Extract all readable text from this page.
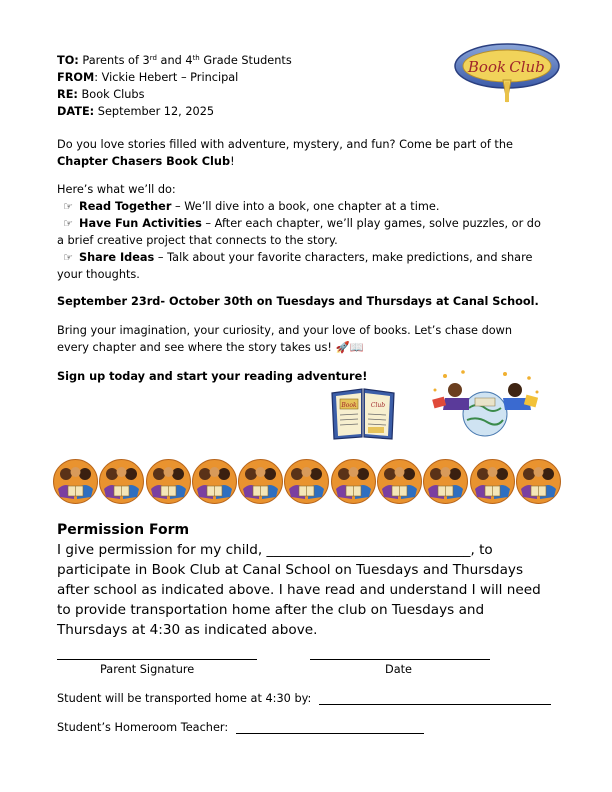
TO: Parents of 3rd and 4th Grade Students
FROM: Vickie Hebert – Principal
RE: Book Clubs
DATE: September 12, 2025
Book Club
Do you love stories filled with adventure, mystery, and fun? Come be part of the Chapter Chasers Book Club!
Here’s what we’ll do:
☞ Read Together – We’ll dive into a book, one chapter at a time.
☞ Have Fun Activities – After each chapter, we’ll play games, solve puzzles, or do a brief creative project that connects to the story.
☞ Share Ideas – Talk about your favorite characters, make predictions, and share your thoughts.
September 23rd- October 30th on Tuesdays and Thursdays at Canal School.
Bring your imagination, your curiosity, and your love of books. Let’s chase down every chapter and see where the story takes us! 🚀📖
Sign up today and start your reading adventure!
Book Club
Permission Form
I give permission for my child, ______________________________, to participate in Book Club at Canal School on Tuesdays and Thursdays after school as indicated above. I have read and understand I will need to provide transportation home after the club on Tuesdays and Thursdays at 4:30 as indicated above.
Parent Signature	Date
Student will be transported home at 4:30 by:
Student’s Homeroom Teacher:
